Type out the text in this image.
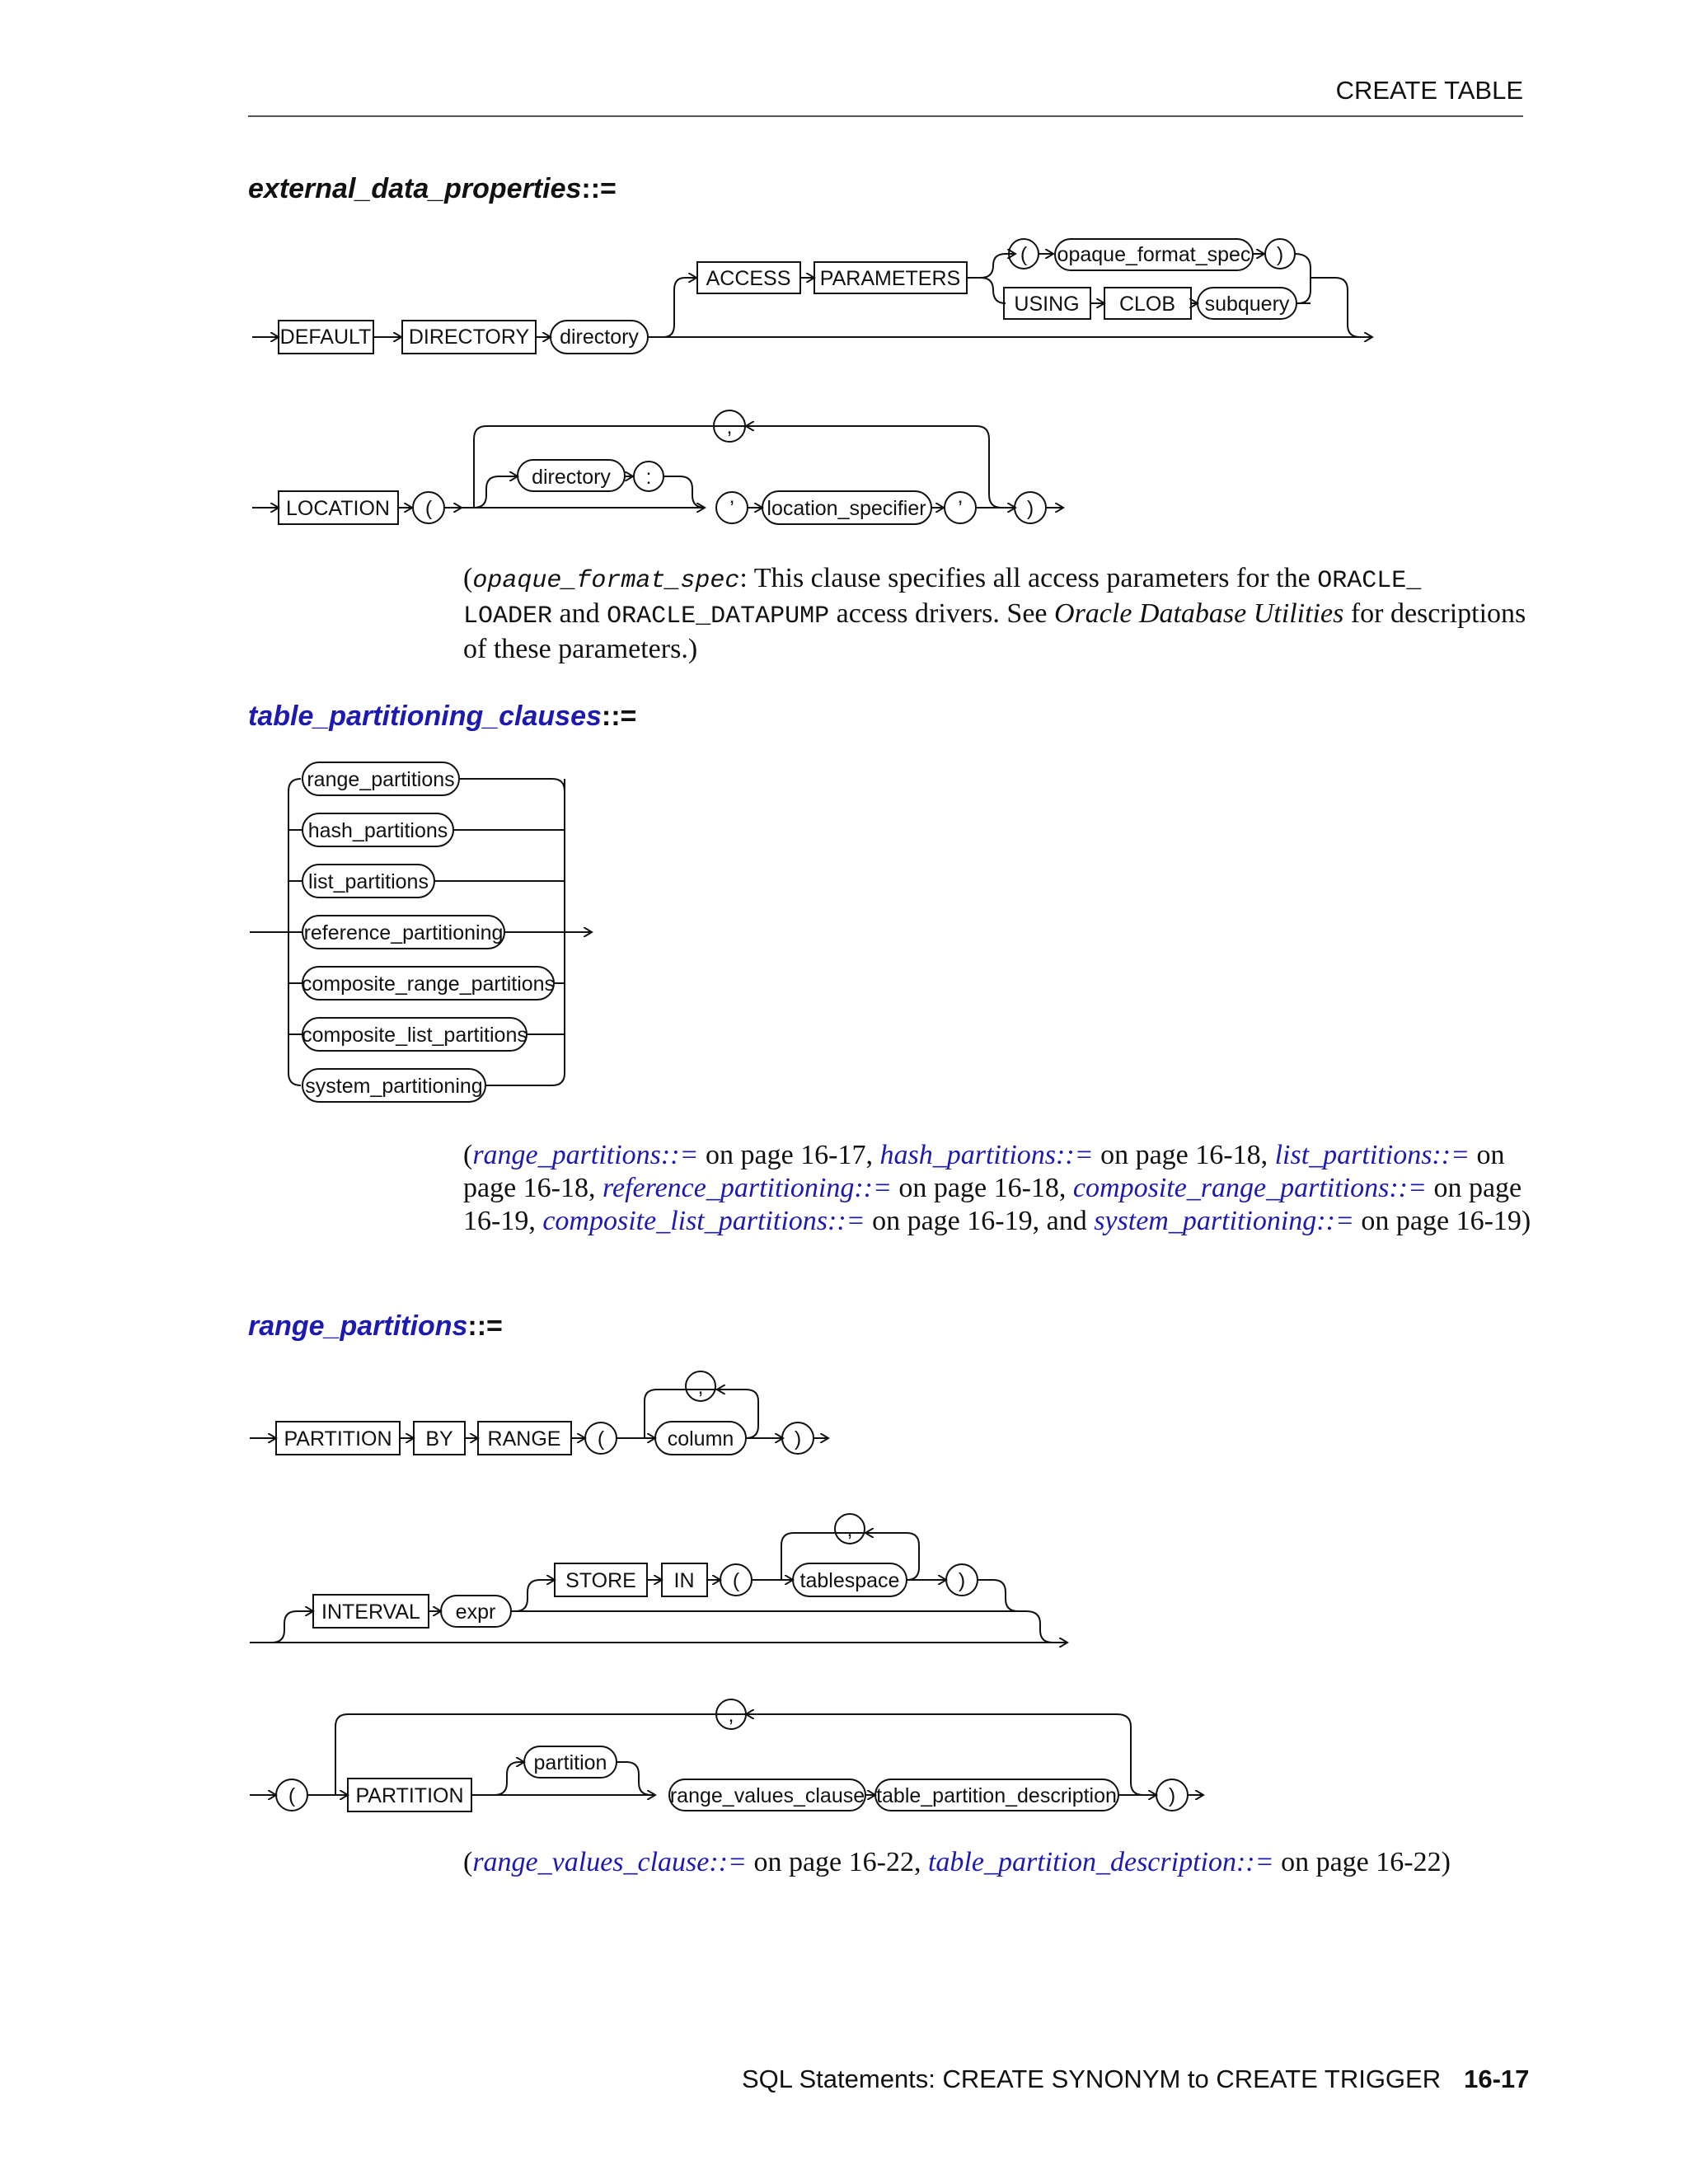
CREATE TABLE
external_data_properties::=
DEFAULT DIRECTORY directory
ACCESS PARAMETERS
( opaque_format_spec )
USING CLOB subquery
LOCATION (
,
directory :
’ location_specifier ’	)
(opaque_format_spec: This clause specifies all access parameters for the ORACLE_
LOADER and ORACLE_DATAPUMP access drivers. See Oracle Database Utilities for descriptions of these parameters.)
table_partitioning_clauses::=
range_partitions
hash_partitions
list_partitions
reference_partitioning
composite_range_partitions
composite_list_partitions
system_partitioning
(range_partitions::= on page 16-17, hash_partitions::= on page 16-18, list_partitions::= on page 16-18, reference_partitioning::= on page 16-18, composite_range_partitions::= on page 16-19, composite_list_partitions::= on page 16-19, and system_partitioning::= on page 16-19)
range_partitions::=
PARTITION BY RANGE (
,
column	)
INTERVAL expr
STORE IN (
,
tablespace	)
(
,
PARTITION
partition
range_values_clause table_partition_description	)
(range_values_clause::= on page 16-22, table_partition_description::= on page 16-22)
SQL Statements: CREATE SYNONYM to CREATE TRIGGER 16-17
